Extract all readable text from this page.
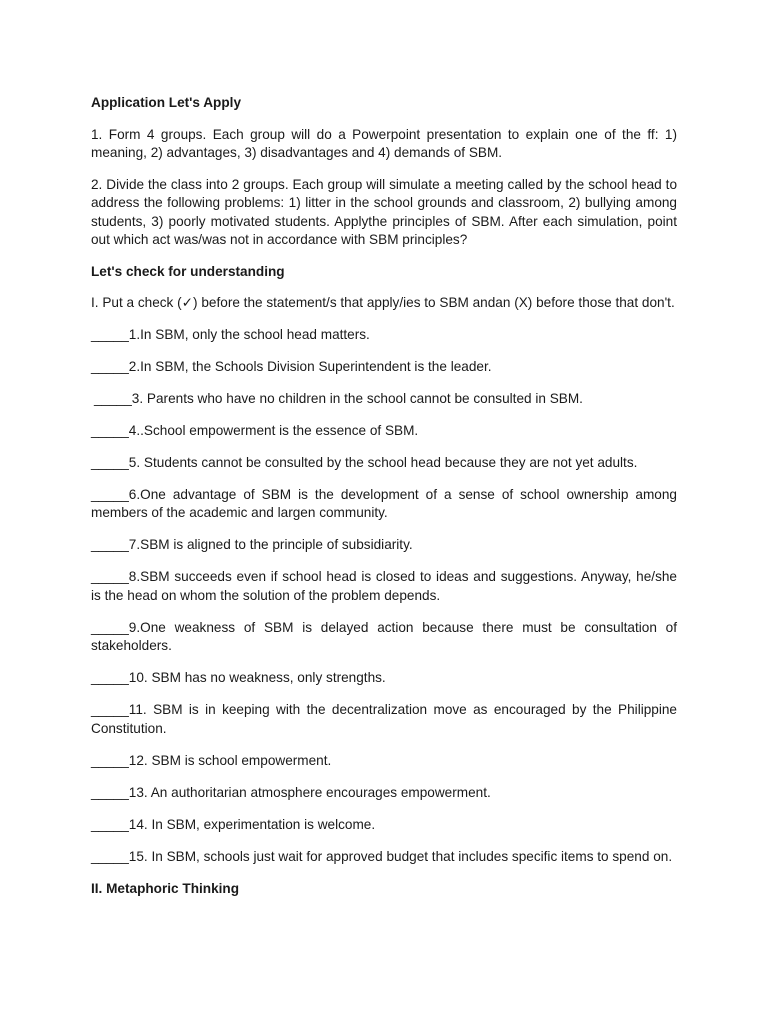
Application Let's Apply

1. Form 4 groups. Each group will do a Powerpoint presentation to explain one of the ff: 1) meaning, 2) advantages, 3) disadvantages and 4) demands of SBM.

2. Divide the class into 2 groups. Each group will simulate a meeting called by the school head to address the following problems: 1) litter in the school grounds and classroom, 2) bullying among students, 3) poorly motivated students. Applythe principles of SBM. After each simulation, point out which act was/was not in accordance with SBM principles?

Let's check for understanding

I. Put a check (✓) before the statement/s that apply/ies to SBM andan (X) before those that don't.

_____1.In SBM, only the school head matters.

_____2.In SBM, the Schools Division Superintendent is the leader.

_____3. Parents who have no children in the school cannot be consulted in SBM.

_____4..School empowerment is the essence of SBM.

_____5. Students cannot be consulted by the school head because they are not yet adults.

_____6.One advantage of SBM is the development of a sense of school ownership among members of the academic and largen community.

_____7.SBM is aligned to the principle of subsidiarity.

_____8.SBM succeeds even if school head is closed to ideas and suggestions. Anyway, he/she is the head on whom the solution of the problem depends.

_____9.One weakness of SBM is delayed action because there must be consultation of stakeholders.

_____10. SBM has no weakness, only strengths.

_____11. SBM is in keeping with the decentralization move as encouraged by the Philippine Constitution.

_____12. SBM is school empowerment.

_____13. An authoritarian atmosphere encourages empowerment.

_____14. In SBM, experimentation is welcome.

_____15. In SBM, schools just wait for approved budget that includes specific items to spend on.

II. Metaphoric Thinking
